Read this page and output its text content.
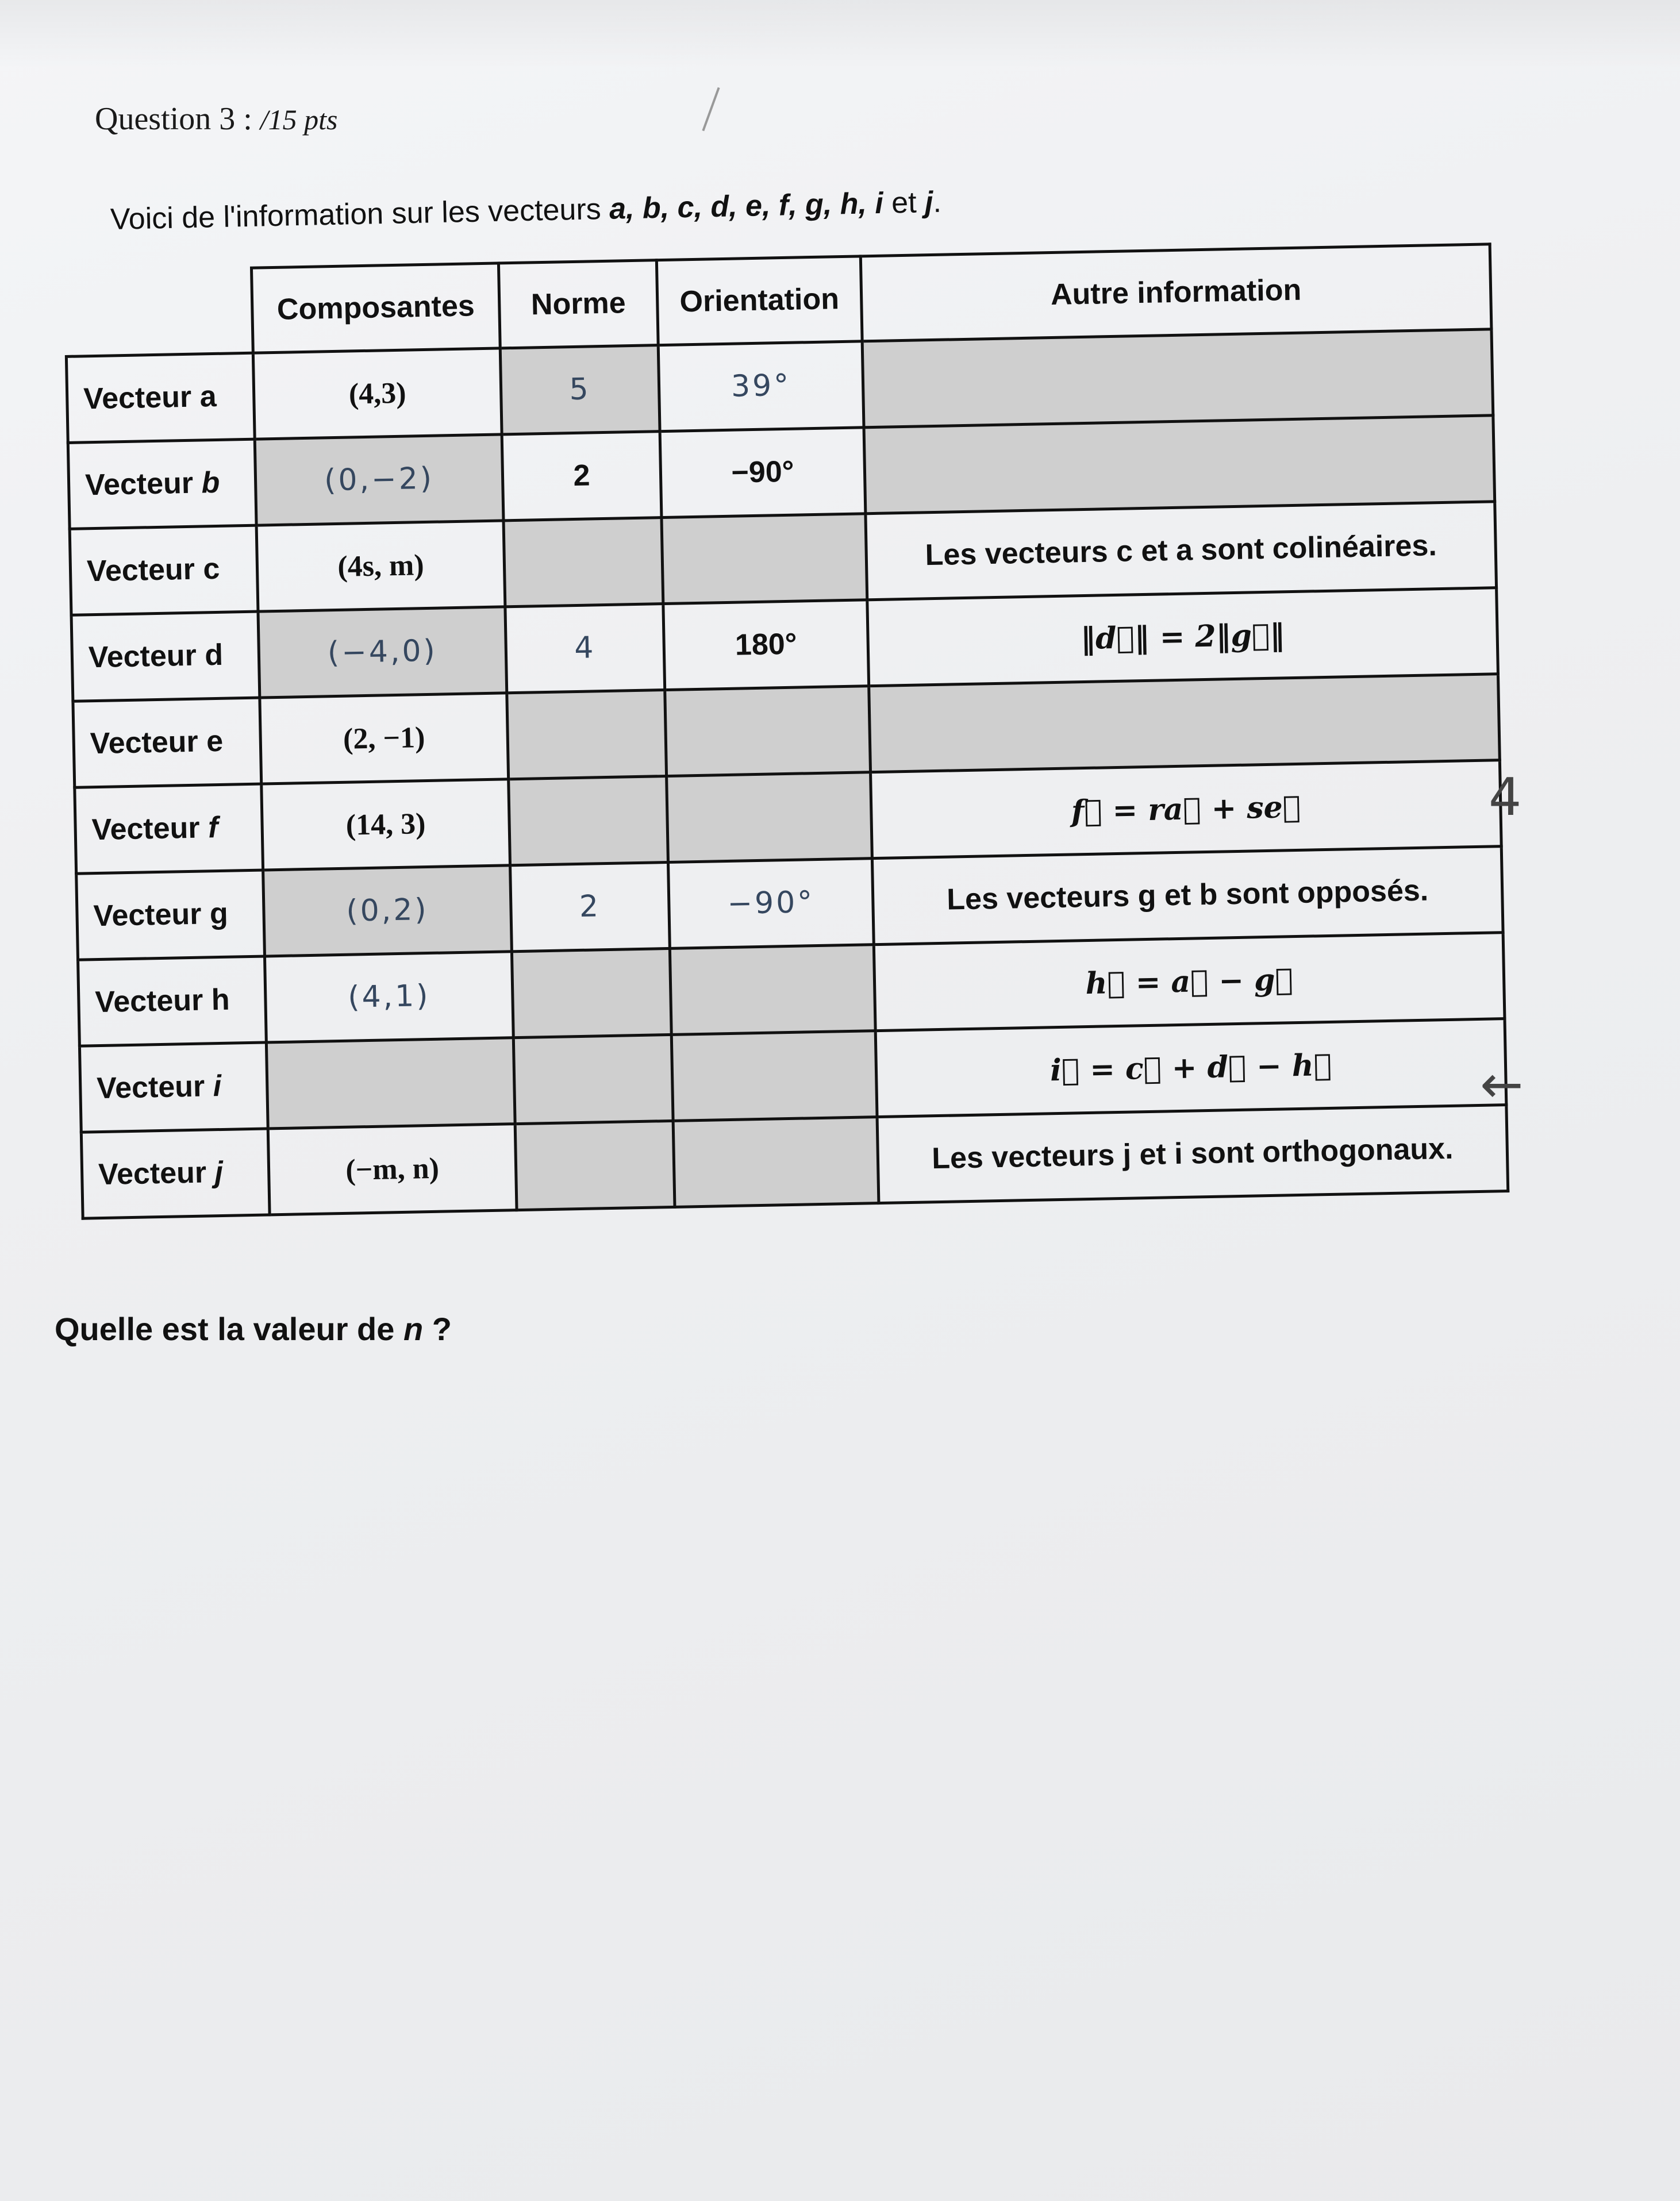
Question 3 : /15 pts
Voici de l'information sur les vecteurs a, b, c, d, e, f, g, h, i et j.
	Composantes	Norme	Orientation	Autre information
Vecteur a	(4,3)	5	39°	
Vecteur b	(0,−2)	2	−90°	
Vecteur c	(4s, m)			Les vecteurs c et a sont colinéaires.
Vecteur d	(−4,0)	4	180°	‖d⃗‖ = 2‖g⃗‖
Vecteur e	(2, −1)			
Vecteur f	(14, 3)			f⃗ = ra⃗ + se⃗
Vecteur g	(0,2)	2	−90°	Les vecteurs g et b sont opposés.
Vecteur h	(4,1)			h⃗ = a⃗ − g⃗
Vecteur i				i⃗ = c⃗ + d⃗ − h⃗
Vecteur j	(−m, n)			Les vecteurs j et i sont orthogonaux.
4
←
Quelle est la valeur de n ?
